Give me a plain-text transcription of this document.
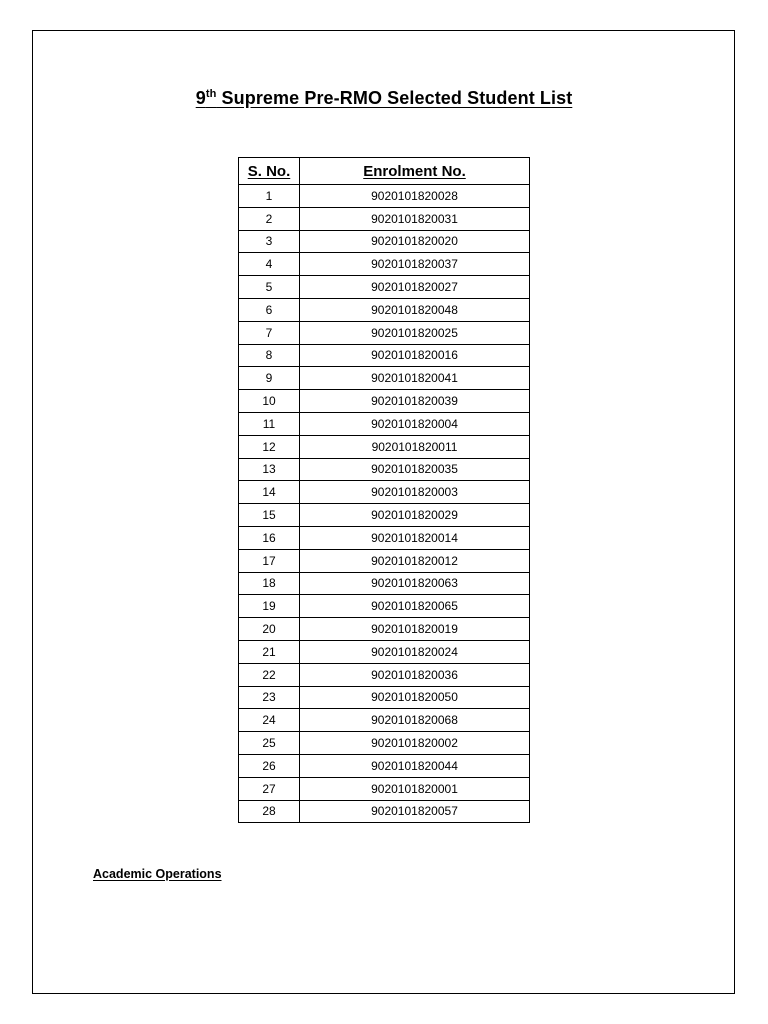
9th Supreme Pre-RMO Selected Student List
S. No.	Enrolment No.
1	9020101820028
2	9020101820031
3	9020101820020
4	9020101820037
5	9020101820027
6	9020101820048
7	9020101820025
8	9020101820016
9	9020101820041
10	9020101820039
11	9020101820004
12	9020101820011
13	9020101820035
14	9020101820003
15	9020101820029
16	9020101820014
17	9020101820012
18	9020101820063
19	9020101820065
20	9020101820019
21	9020101820024
22	9020101820036
23	9020101820050
24	9020101820068
25	9020101820002
26	9020101820044
27	9020101820001
28	9020101820057
Academic Operations
